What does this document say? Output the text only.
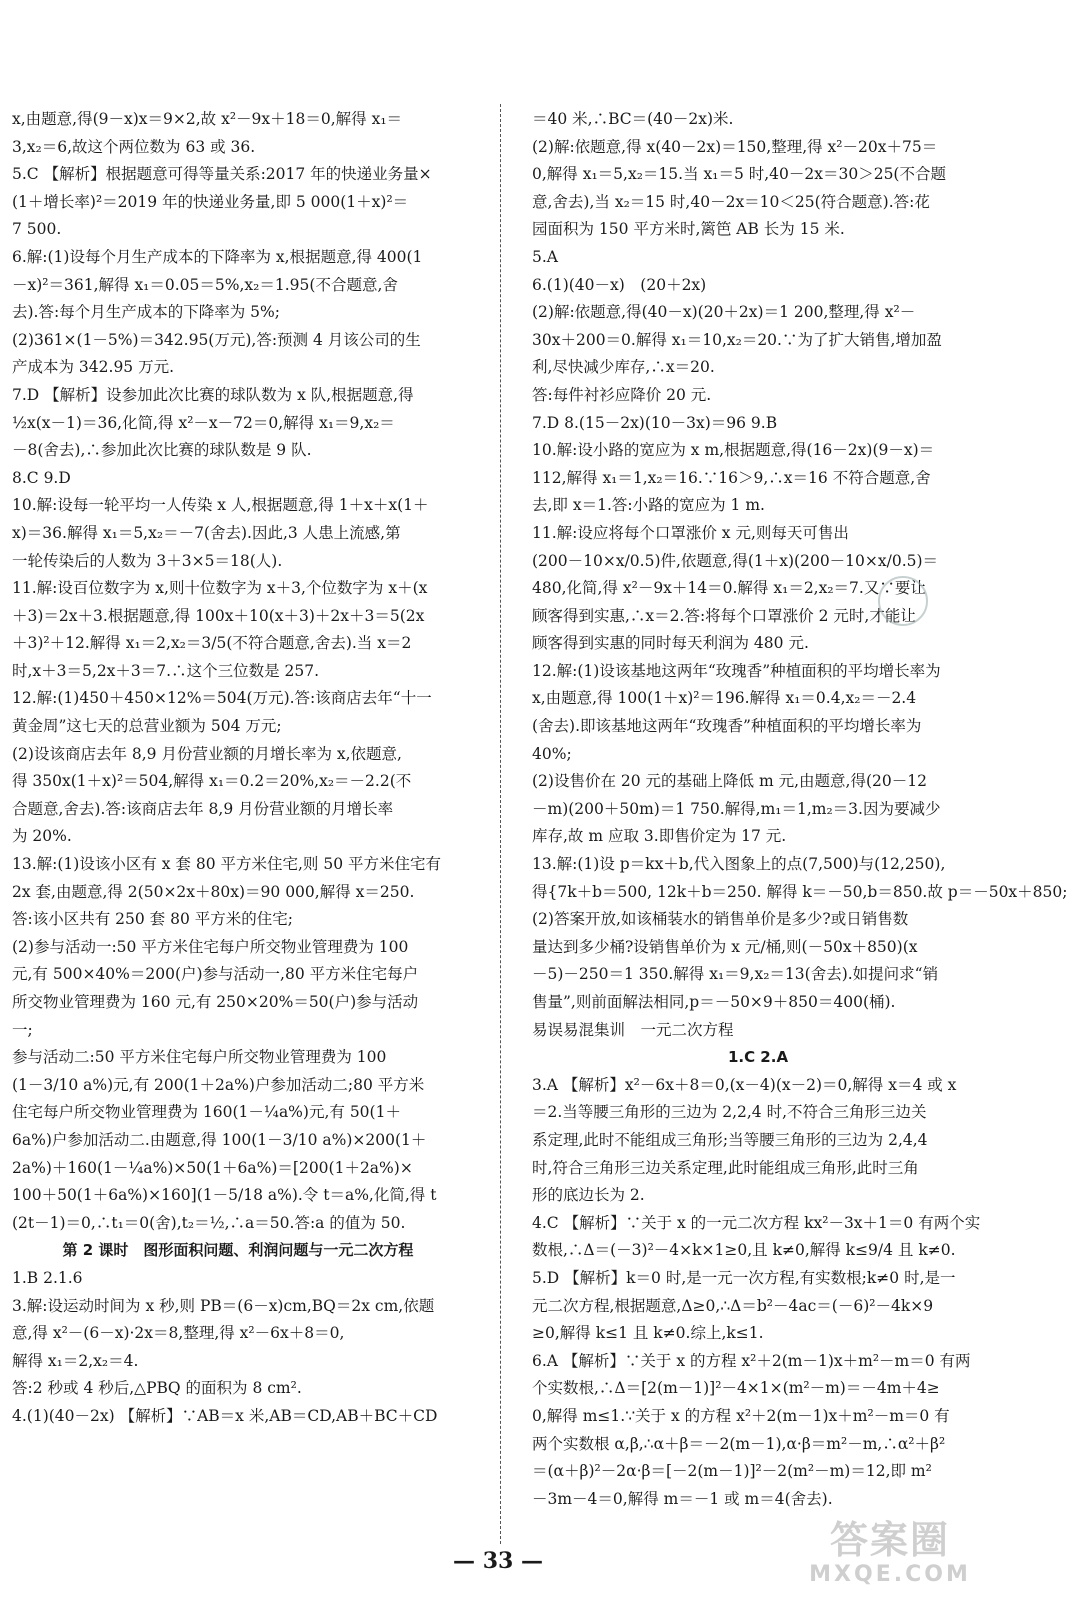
x,由题意,得(9－x)x＝9×2,故 x²－9x＋18＝0,解得 x₁＝
3,x₂＝6,故这个两位数为 63 或 36.
5.C 【解析】根据题意可得等量关系:2017 年的快递业务量×
(1＋增长率)²＝2019 年的快递业务量,即 5 000(1＋x)²＝
7 500.
6.解:(1)设每个月生产成本的下降率为 x,根据题意,得 400(1
－x)²＝361,解得 x₁＝0.05＝5%,x₂＝1.95(不合题意,舍
去).答:每个月生产成本的下降率为 5%;
(2)361×(1－5%)＝342.95(万元),答:预测 4 月该公司的生
产成本为 342.95 万元.
7.D 【解析】设参加此次比赛的球队数为 x 队,根据题意,得
½x(x－1)＝36,化简,得 x²－x－72＝0,解得 x₁＝9,x₂＝
－8(舍去),∴参加此次比赛的球队数是 9 队.
8.C 9.D
10.解:设每一轮平均一人传染 x 人,根据题意,得 1＋x＋x(1＋
x)＝36.解得 x₁＝5,x₂＝－7(舍去).因此,3 人患上流感,第
一轮传染后的人数为 3＋3×5＝18(人).
11.解:设百位数字为 x,则十位数字为 x＋3,个位数字为 x＋(x
＋3)＝2x＋3.根据题意,得 100x＋10(x＋3)＋2x＋3＝5(2x
＋3)²＋12.解得 x₁＝2,x₂＝3/5(不符合题意,舍去).当 x＝2
时,x＋3＝5,2x＋3＝7.∴这个三位数是 257.
12.解:(1)450＋450×12%＝504(万元).答:该商店去年“十一
黄金周”这七天的总营业额为 504 万元;
(2)设该商店去年 8,9 月份营业额的月增长率为 x,依题意,
得 350x(1＋x)²＝504,解得 x₁＝0.2＝20%,x₂＝－2.2(不
合题意,舍去).答:该商店去年 8,9 月份营业额的月增长率
为 20%.
13.解:(1)设该小区有 x 套 80 平方米住宅,则 50 平方米住宅有
2x 套,由题意,得 2(50×2x＋80x)＝90 000,解得 x＝250.
答:该小区共有 250 套 80 平方米的住宅;
(2)参与活动一:50 平方米住宅每户所交物业管理费为 100
元,有 500×40%＝200(户)参与活动一,80 平方米住宅每户
所交物业管理费为 160 元,有 250×20%＝50(户)参与活动
一;
参与活动二:50 平方米住宅每户所交物业管理费为 100
(1－3/10 a%)元,有 200(1＋2a%)户参加活动二;80 平方米
住宅每户所交物业管理费为 160(1－¼a%)元,有 50(1＋
6a%)户参加活动二.由题意,得 100(1－3/10 a%)×200(1＋
2a%)＋160(1－¼a%)×50(1＋6a%)＝[200(1＋2a%)×
100＋50(1＋6a%)×160](1－5/18 a%).令 t＝a%,化简,得 t
(2t－1)＝0,∴t₁＝0(舍),t₂＝½,∴a＝50.答:a 的值为 50.
第 2 课时　图形面积问题、利润问题与一元二次方程
1.B 2.1.6
3.解:设运动时间为 x 秒,则 PB＝(6－x)cm,BQ＝2x cm,依题
意,得 x²－(6－x)·2x＝8,整理,得 x²－6x＋8＝0,
解得 x₁＝2,x₂＝4.
答:2 秒或 4 秒后,△PBQ 的面积为 8 cm².
4.(1)(40－2x) 【解析】∵AB＝x 米,AB＝CD,AB＋BC＋CD
＝40 米,∴BC＝(40－2x)米.
(2)解:依题意,得 x(40－2x)＝150,整理,得 x²－20x＋75＝
0,解得 x₁＝5,x₂＝15.当 x₁＝5 时,40－2x＝30＞25(不合题
意,舍去),当 x₂＝15 时,40－2x＝10＜25(符合题意).答:花
园面积为 150 平方米时,篱笆 AB 长为 15 米.
5.A
6.(1)(40－x)　(20＋2x)
(2)解:依题意,得(40－x)(20＋2x)＝1 200,整理,得 x²－
30x＋200＝0.解得 x₁＝10,x₂＝20.∵为了扩大销售,增加盈
利,尽快减少库存,∴x＝20.
答:每件衬衫应降价 20 元.
7.D 8.(15－2x)(10－3x)＝96 9.B
10.解:设小路的宽应为 x m,根据题意,得(16－2x)(9－x)＝
112,解得 x₁＝1,x₂＝16.∵16＞9,∴x＝16 不符合题意,舍
去,即 x＝1.答:小路的宽应为 1 m.
11.解:设应将每个口罩涨价 x 元,则每天可售出
(200－10×x/0.5)件,依题意,得(1＋x)(200－10×x/0.5)＝
480,化简,得 x²－9x＋14＝0.解得 x₁＝2,x₂＝7.又∵要让
顾客得到实惠,∴x＝2.答:将每个口罩涨价 2 元时,才能让
顾客得到实惠的同时每天利润为 480 元.
12.解:(1)设该基地这两年“玫瑰香”种植面积的平均增长率为
x,由题意,得 100(1＋x)²＝196.解得 x₁＝0.4,x₂＝－2.4
(舍去).即该基地这两年“玫瑰香”种植面积的平均增长率为
40%;
(2)设售价在 20 元的基础上降低 m 元,由题意,得(20－12
－m)(200＋50m)＝1 750.解得,m₁＝1,m₂＝3.因为要减少
库存,故 m 应取 3.即售价定为 17 元.
13.解:(1)设 p＝kx＋b,代入图象上的点(7,500)与(12,250),
得{7k＋b＝500, 12k＋b＝250. 解得 k＝－50,b＝850.故 p＝－50x＋850;
(2)答案开放,如该桶装水的销售单价是多少?或日销售数
量达到多少桶?设销售单价为 x 元/桶,则(－50x＋850)(x
－5)－250＝1 350.解得 x₁＝9,x₂＝13(舍去).如提问求“销
售量”,则前面解法相同,p＝－50×9＋850＝400(桶).
易误易混集训　一元二次方程
1.C 2.A
3.A 【解析】x²－6x＋8＝0,(x－4)(x－2)＝0,解得 x＝4 或 x
＝2.当等腰三角形的三边为 2,2,4 时,不符合三角形三边关
系定理,此时不能组成三角形;当等腰三角形的三边为 2,4,4
时,符合三角形三边关系定理,此时能组成三角形,此时三角
形的底边长为 2.
4.C 【解析】∵关于 x 的一元二次方程 kx²－3x＋1＝0 有两个实
数根,∴Δ＝(－3)²－4×k×1≥0,且 k≠0,解得 k≤9/4 且 k≠0.
5.D 【解析】k＝0 时,是一元一次方程,有实数根;k≠0 时,是一
元二次方程,根据题意,Δ≥0,∴Δ＝b²－4ac＝(－6)²－4k×9
≥0,解得 k≤1 且 k≠0.综上,k≤1.
6.A 【解析】∵关于 x 的方程 x²＋2(m－1)x＋m²－m＝0 有两
个实数根,∴Δ＝[2(m－1)]²－4×1×(m²－m)＝－4m＋4≥
0,解得 m≤1.∵关于 x 的方程 x²＋2(m－1)x＋m²－m＝0 有
两个实数根 α,β,∴α＋β＝－2(m－1),α·β＝m²－m,∴α²＋β²
＝(α＋β)²－2α·β＝[－2(m－1)]²－2(m²－m)＝12,即 m²
－3m－4＝0,解得 m＝－1 或 m＝4(舍去).
— 33 —	答案圈
MXQE.COM
